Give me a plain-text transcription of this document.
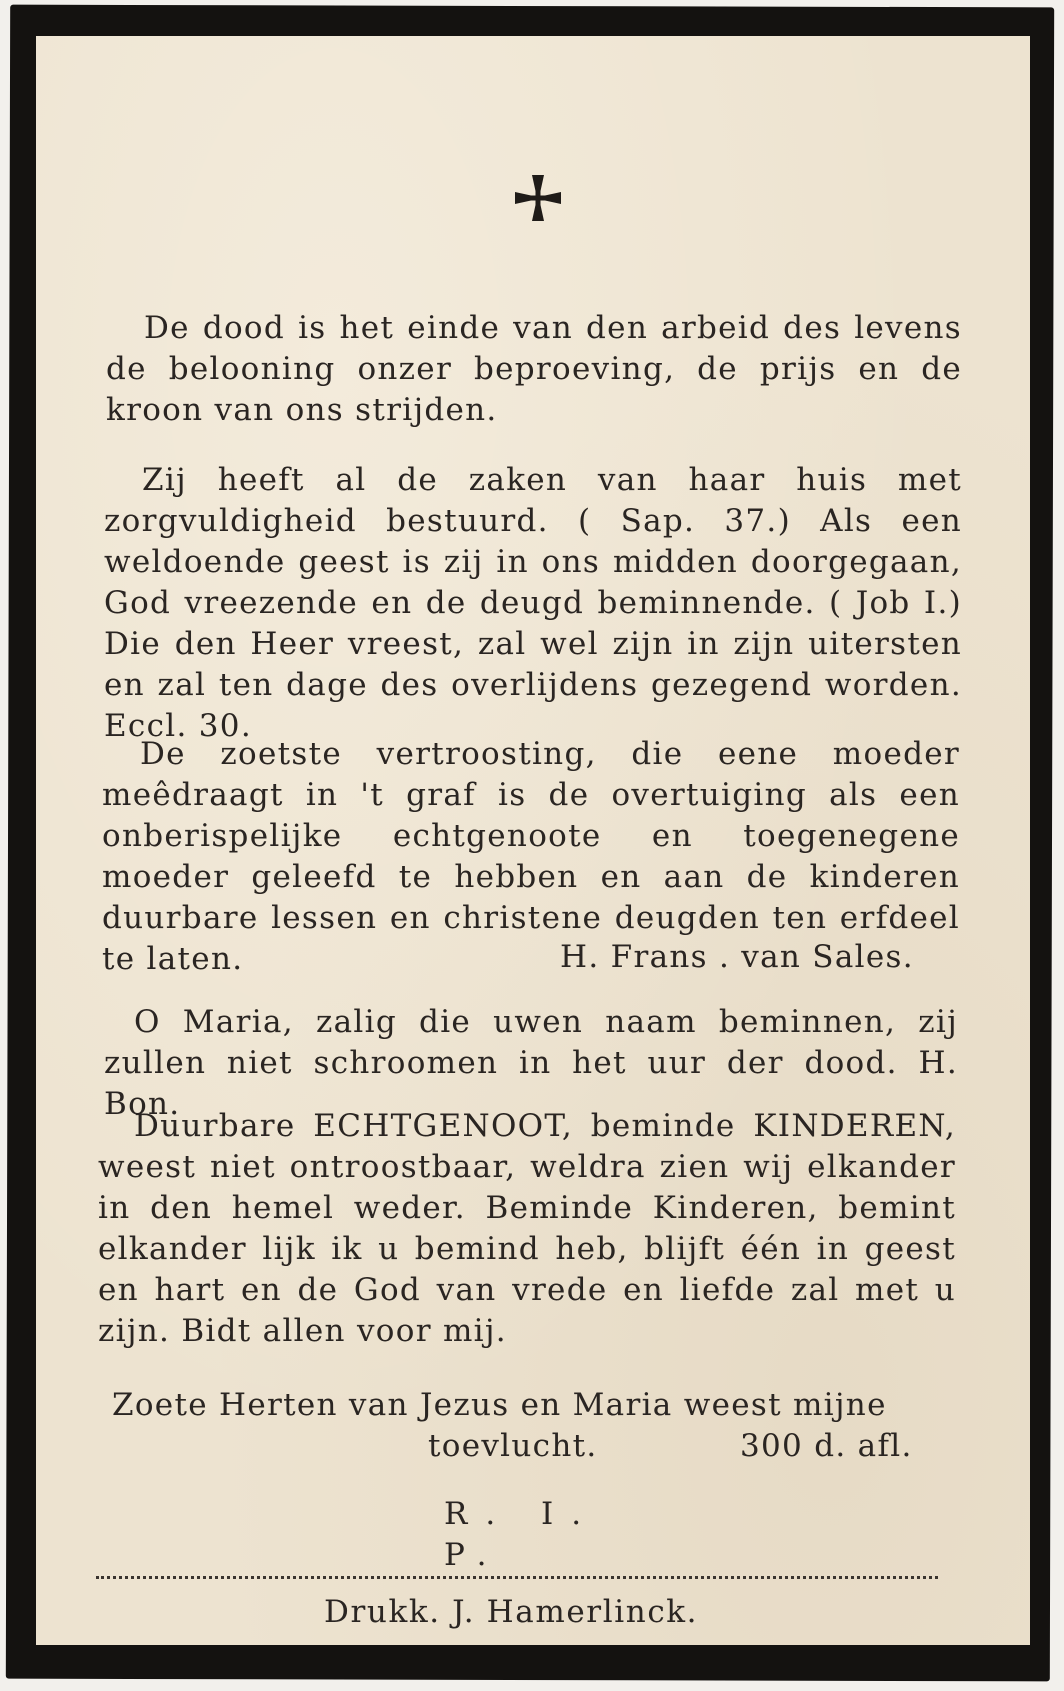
De dood is het einde van den arbeid des levens de belooning onzer beproeving, de prijs en de kroon van ons strijden.

Zij heeft al de zaken van haar huis met zorgvuldigheid bestuurd. ( Sap. 37.) Als een weldoende geest is zij in ons midden doorgegaan, God vreezende en de deugd beminnende. ( Job I.) Die den Heer vreest, zal wel zijn in zijn uitersten en zal ten dage des overlijdens gezegend worden. Eccl. 30.

De zoetste vertroosting, die eene moeder meêdraagt in 't graf is de overtuiging als een onberispelijke echtgenoote en toegenegene moeder geleefd te hebben en aan de kinderen duurbare lessen en christene deugden ten erfdeel te laten.	H. Frans . van Sales.

O Maria, zalig die uwen naam beminnen, zij zullen niet schroomen in het uur der dood. H. Bon.

Duurbare ECHTGENOOT, beminde KINDEREN, weest niet ontroostbaar, weldra zien wij elkander in den hemel weder. Beminde Kinderen, bemint elkander lijk ik u bemind heb, blijft één in geest en hart en de God van vrede en liefde zal met u zijn. Bidt allen voor mij.

Zoete Herten van Jezus en Maria weest mijne

toevlucht.	300 d. afl.

R. I. P.

Drukk. J. Hamerlinck.
